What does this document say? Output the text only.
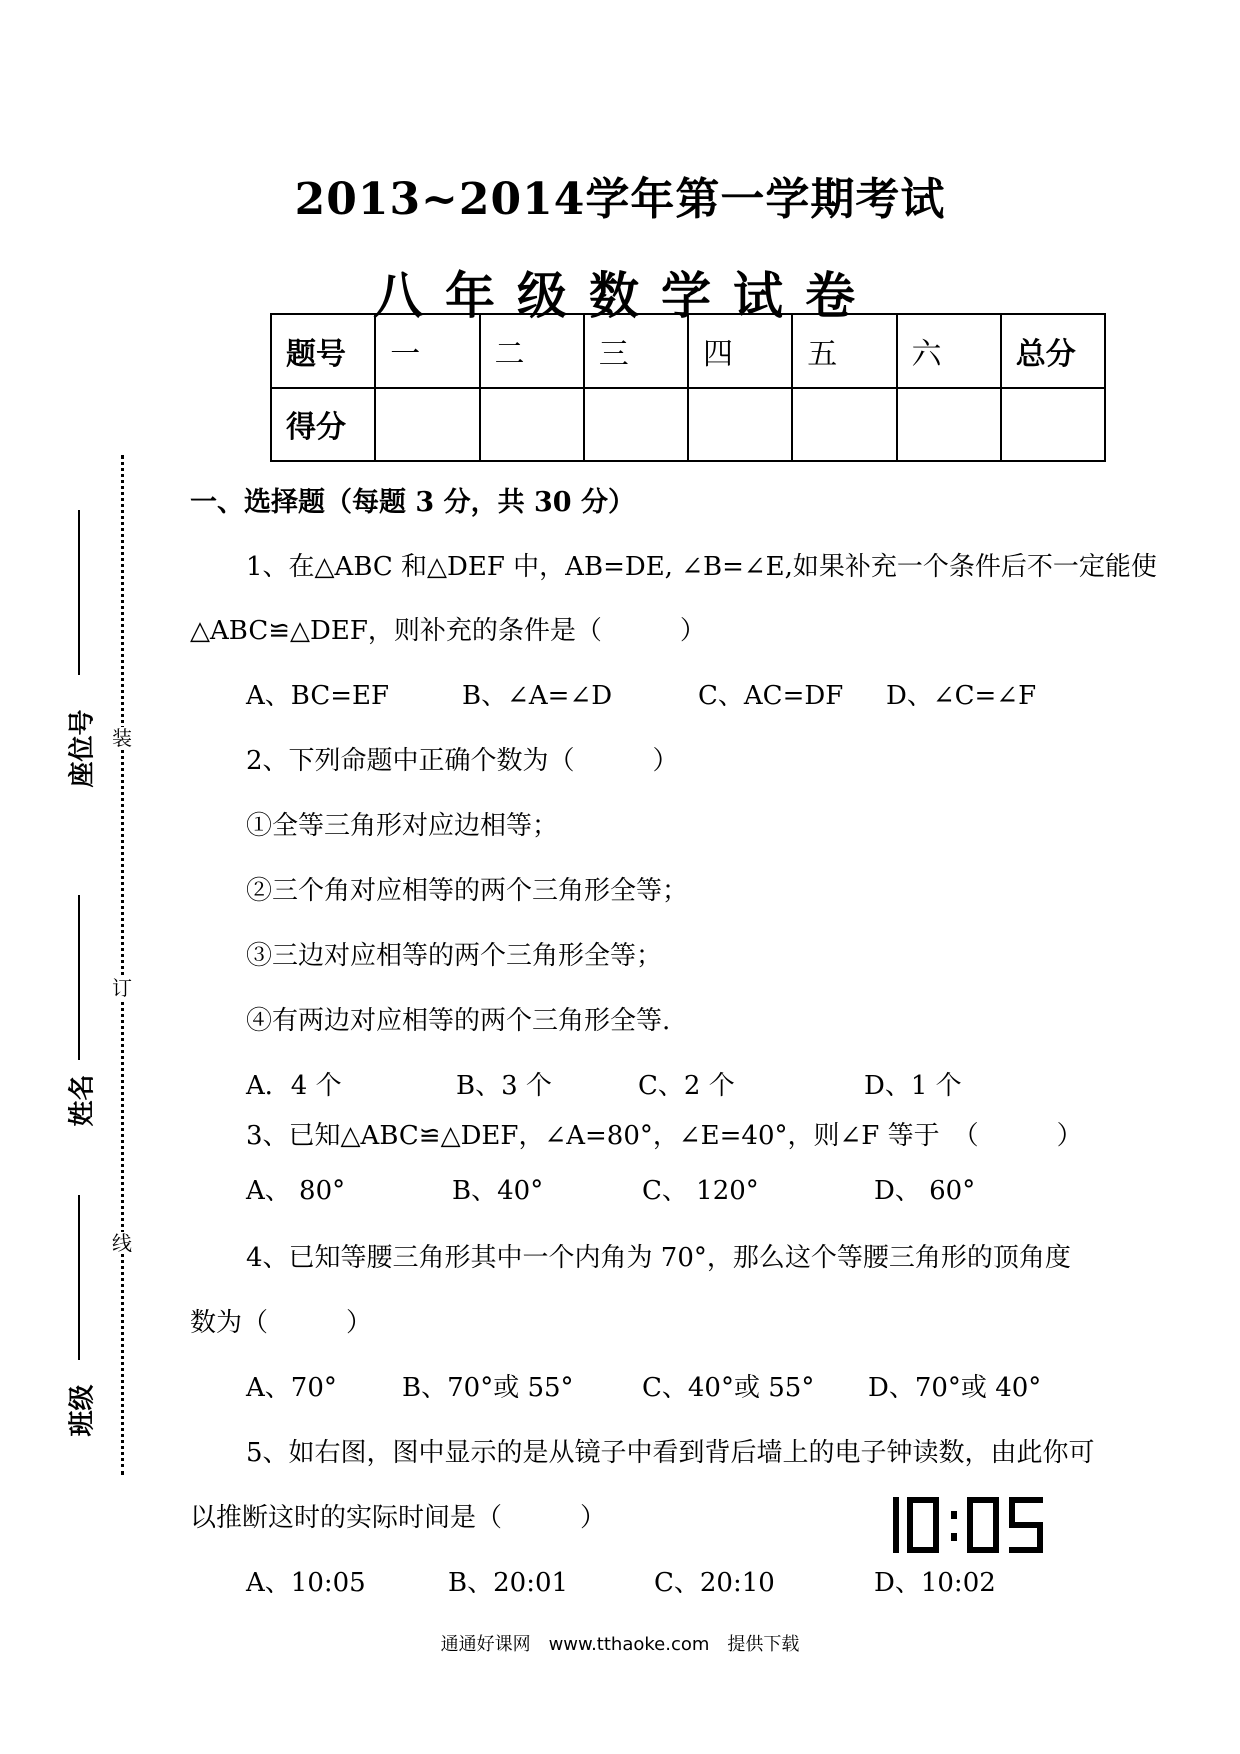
2013~2014学年第一学期考试
八年级数学试卷
题号	一	二	三	四	五	六	总分
得分							
装
订
线
座位号
姓名
班级
一、选择题（每题 3 分，共 30 分）
1、在△ABC 和△DEF 中，AB=DE, ∠B=∠E,如果补充一个条件后不一定能使
△ABC≌△DEF，则补充的条件是（　　　）
A、BC=EF	B、∠A=∠D	C、AC=DF D、∠C=∠F
2、下列命题中正确个数为（　　　）
①全等三角形对应边相等；
②三个角对应相等的两个三角形全等；
③三边对应相等的两个三角形全等；
④有两边对应相等的两个三角形全等.
A．4 个	B、3 个	C、2 个	D、1 个
3、已知△ABC≌△DEF，∠A=80°，∠E=40°，则∠F 等于　（　　　）
A、 80°	B、40°	C、 120°	D、 60°
4、已知等腰三角形其中一个内角为 70°，那么这个等腰三角形的顶角度
数为（　　　）
A、70°	B、70°或 55°	C、40°或 55° D、70°或 40°
5、如右图，图中显示的是从镜子中看到背后墙上的电子钟读数，由此你可
以推断这时的实际时间是（　　　）
A、10:05	B、20:01	C、20:10	D、10:02
通通好课网　www.tthaoke.com　提供下载
